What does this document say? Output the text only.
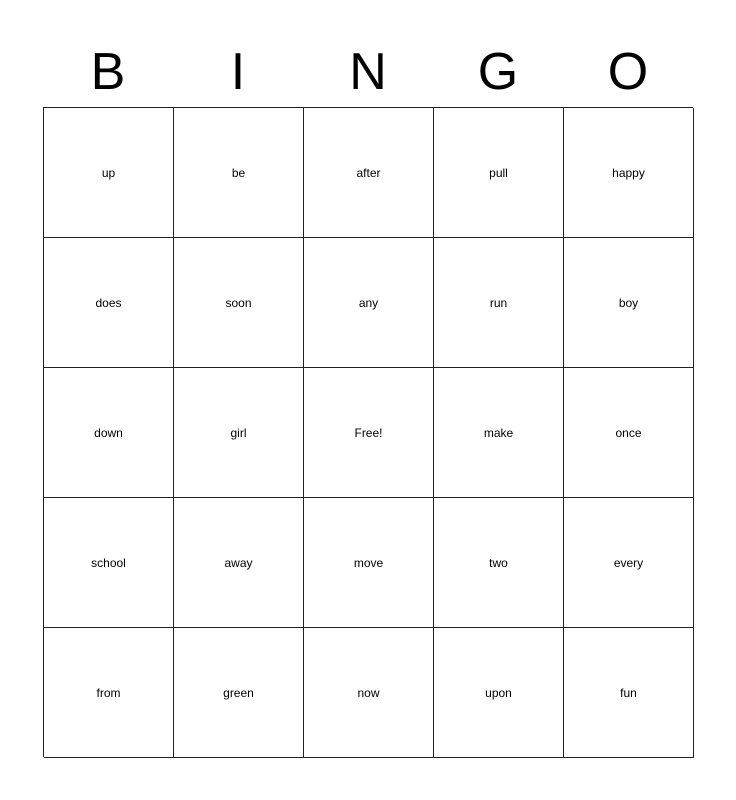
B	I	N	G	O
up	be	after	pull	happy
does	soon	any	run	boy
down	girl	Free!	make	once
school	away	move	two	every
from	green	now	upon	fun
